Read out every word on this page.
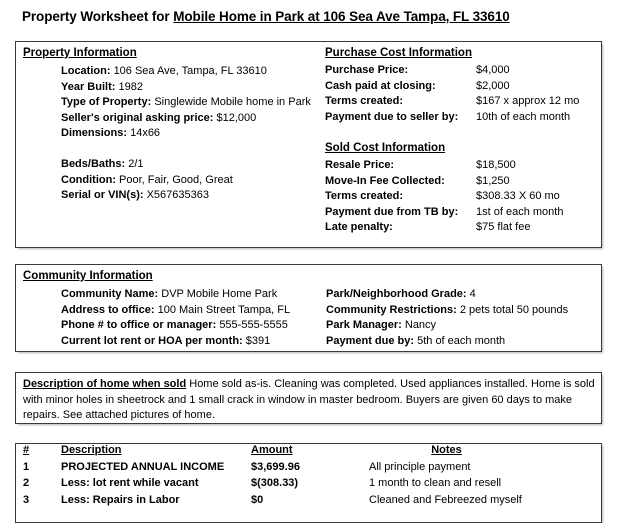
Property Worksheet for Mobile Home in Park at 106 Sea Ave Tampa, FL 33610
Property Information
Location: 106 Sea Ave, Tampa, FL 33610
Year Built: 1982
Type of Property: Singlewide Mobile home in Park
Seller's original asking price: $12,000
Dimensions: 14x66
Beds/Baths: 2/1
Condition: Poor, Fair, Good, Great
Serial or VIN(s): X567635363
Purchase Cost Information
Purchase Price:	$4,000
Cash paid at closing:	$2,000
Terms created:	$167 x approx 12 mo
Payment due to seller by: 10th of each month
Sold Cost Information
Resale Price:	$18,500
Move-In Fee Collected:	$1,250
Terms created:	$308.33 X 60 mo
Payment due from TB by: 1st of each month
Late penalty:	$75 flat fee
Community Information
Community Name: DVP Mobile Home Park
Address to office: 100 Main Street Tampa, FL
Phone # to office or manager: 555-555-5555
Current lot rent or HOA per month: $391
Park/Neighborhood Grade: 4
Community Restrictions: 2 pets total 50 pounds
Park Manager: Nancy
Payment due by: 5th of each month
Description of home when sold Home sold as-is. Cleaning was completed. Used appliances installed. Home is sold with minor holes in sheetrock and 1 small crack in window in master bedroom. Buyers are given 60 days to make repairs. See attached pictures of home.
#	Description	Amount	Notes
1	PROJECTED ANNUAL INCOME $3,699.96	All principle payment
2	Less: lot rent while vacant	$(308.33)	1 month to clean and resell
3	Less: Repairs in Labor	$0	Cleaned and Febreezed myself
